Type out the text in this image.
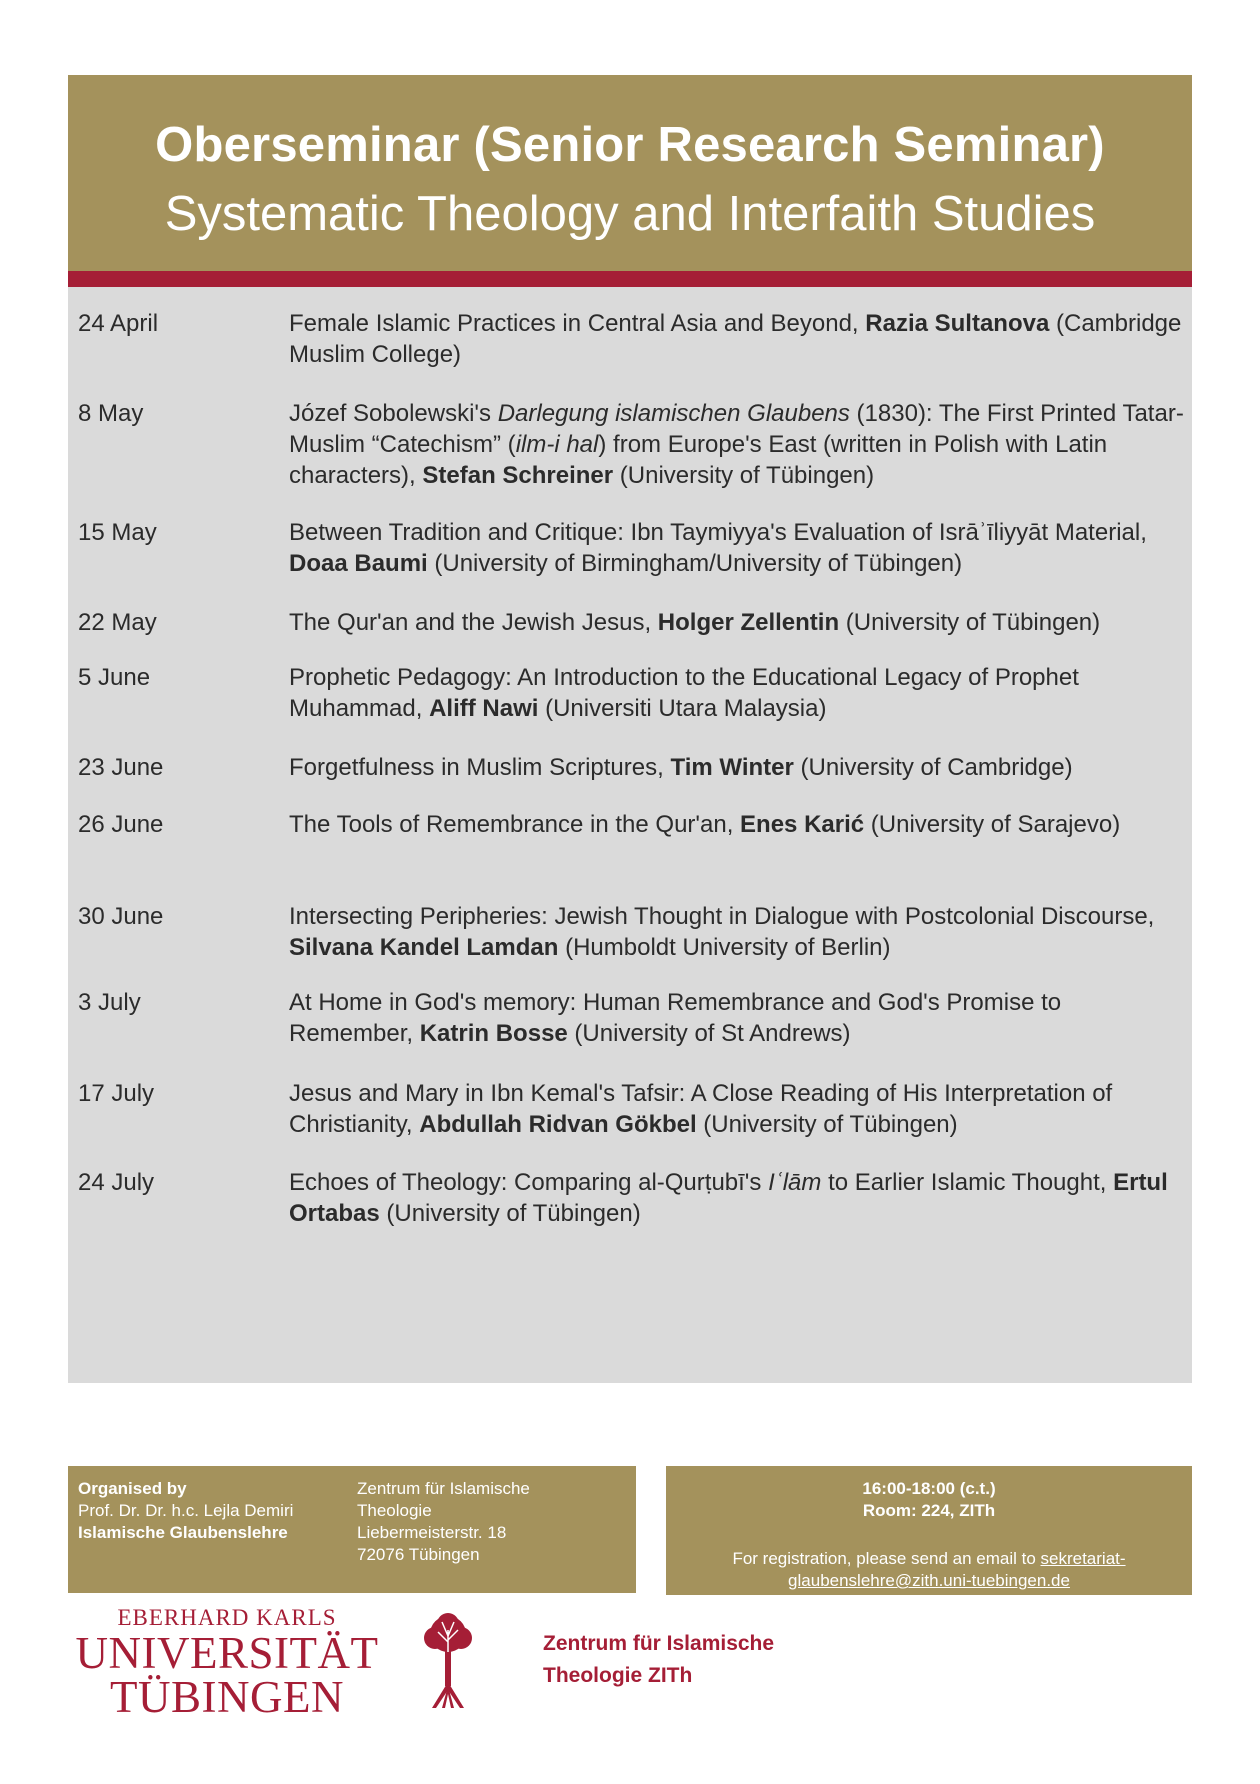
Oberseminar (Senior Research Seminar)
Systematic Theology and Interfaith Studies
24 April	Female Islamic Practices in Central Asia and Beyond, Razia Sultanova (Cambridge Muslim College)
8 May	Józef Sobolewski's Darlegung islamischen Glaubens (1830): The First Printed Tatar-Muslim “Catechism” (ilm-i hal) from Europe's East (written in Polish with Latin characters), Stefan Schreiner (University of Tübingen)
15 May	Between Tradition and Critique: Ibn Taymiyya's Evaluation of Isrāʾīliyyāt Material, Doaa Baumi (University of Birmingham/University of Tübingen)
22 May	The Qur'an and the Jewish Jesus, Holger Zellentin (University of Tübingen)
5 June	Prophetic Pedagogy: An Introduction to the Educational Legacy of Prophet Muhammad, Aliff Nawi (Universiti Utara Malaysia)
23 June	Forgetfulness in Muslim Scriptures, Tim Winter (University of Cambridge)
26 June	The Tools of Remembrance in the Qur'an, Enes Karić (University of Sarajevo)
30 June	Intersecting Peripheries: Jewish Thought in Dialogue with Postcolonial Discourse, Silvana Kandel Lamdan (Humboldt University of Berlin)
3 July	At Home in God's memory: Human Remembrance and God's Promise to Remember, Katrin Bosse (University of St Andrews)
17 July	Jesus and Mary in Ibn Kemal's Tafsir: A Close Reading of His Interpretation of Christianity, Abdullah Ridvan Gökbel (University of Tübingen)
24 July	Echoes of Theology: Comparing al-Qurṭubī's Iʿlām to Earlier Islamic Thought, Ertul Ortabas (University of Tübingen)
Organised by
Prof. Dr. Dr. h.c. Lejla Demiri
Islamische Glaubenslehre
Zentrum für Islamische
Theologie
Liebermeisterstr. 18
72076 Tübingen
16:00-18:00 (c.t.)
Room: 224, ZITh
For registration, please send an email to sekretariat-glaubenslehre@zith.uni-tuebingen.de
EBERHARD KARLS
UNIVERSITÄT
TÜBINGEN
Zentrum für Islamische
Theologie ZITh
